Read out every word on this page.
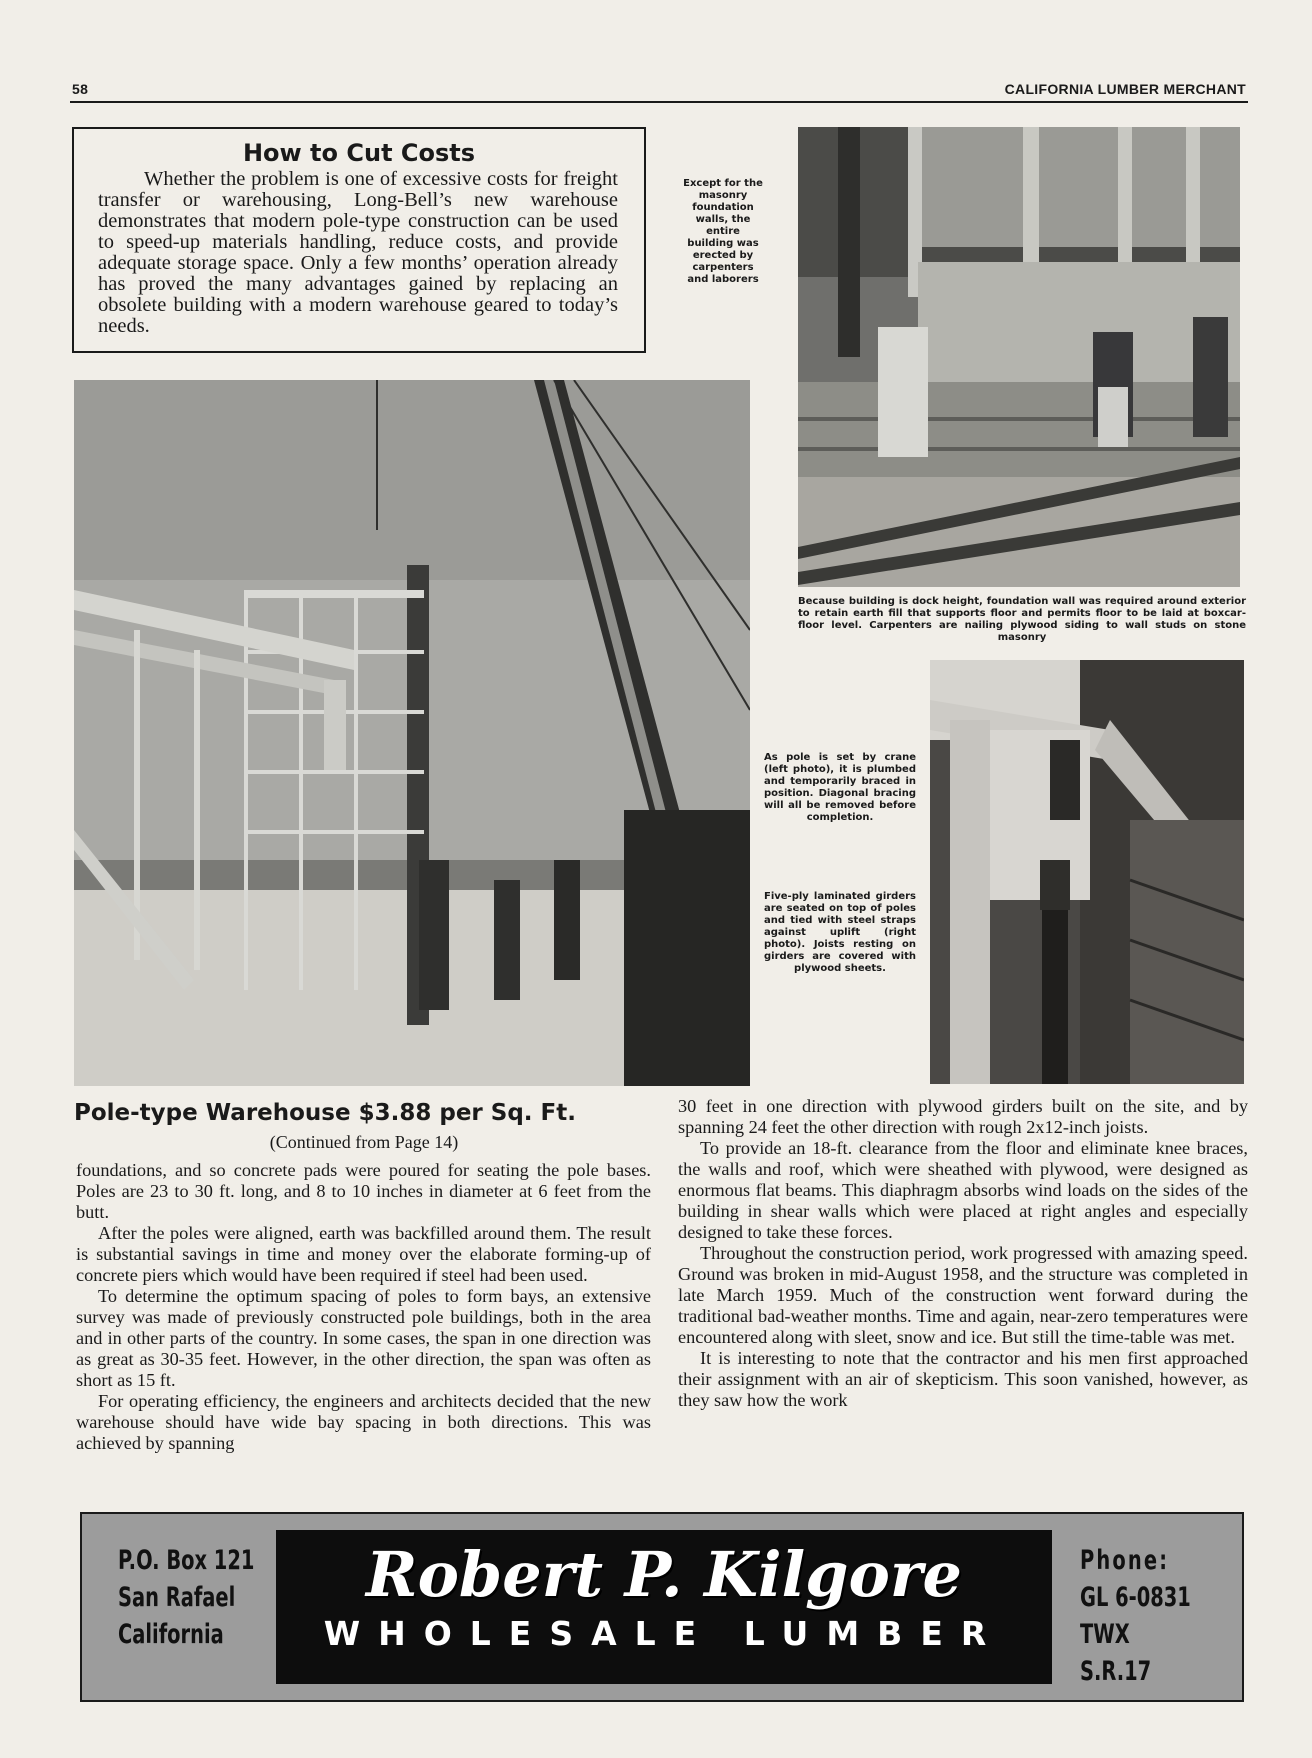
58	CALIFORNIA LUMBER MERCHANT
How to Cut Costs

Whether the problem is one of excessive costs for freight transfer or warehousing, Long-Bell’s new warehouse demonstrates that modern pole-type construction can be used to speed-up materials handling, reduce costs, and provide adequate storage space. Only a few months’ operation already has proved the many advantages gained by replacing an obsolete building with a modern warehouse geared to today’s needs.

Except for the masonry foundation walls, the entire building was erected by carpenters and laborers
Because building is dock height, foundation wall was required around exterior to retain earth fill that supports floor and permits floor to be laid at boxcar-floor level. Carpenters are nailing plywood siding to wall studs on stone masonry
As pole is set by crane (left photo), it is plumbed and temporarily braced in position. Diagonal bracing will all be removed before completion.
Five-ply laminated girders are seated on top of poles and tied with steel straps against uplift (right photo). Joists resting on girders are covered with plywood sheets.
Pole-type Warehouse $3.88 per Sq. Ft.
(Continued from Page 14)

foundations, and so concrete pads were poured for seating the pole bases. Poles are 23 to 30 ft. long, and 8 to 10 inches in diameter at 6 feet from the butt.

After the poles were aligned, earth was backfilled around them. The result is substantial savings in time and money over the elaborate forming-up of concrete piers which would have been required if steel had been used.

To determine the optimum spacing of poles to form bays, an extensive survey was made of previously constructed pole buildings, both in the area and in other parts of the country. In some cases, the span in one direction was as great as 30-35 feet. However, in the other direction, the span was often as short as 15 ft.

For operating efficiency, the engineers and architects decided that the new warehouse should have wide bay spacing in both directions. This was achieved by spanning

30 feet in one direction with plywood girders built on the site, and by spanning 24 feet the other direction with rough 2x12-inch joists.

To provide an 18-ft. clearance from the floor and eliminate knee braces, the walls and roof, which were sheathed with plywood, were designed as enormous flat beams. This diaphragm absorbs wind loads on the sides of the building in shear walls which were placed at right angles and especially designed to take these forces.

Throughout the construction period, work progressed with amazing speed. Ground was broken in mid-August 1958, and the structure was completed in late March 1959. Much of the construction went forward during the traditional bad-weather months. Time and again, near-zero temperatures were encountered along with sleet, snow and ice. But still the time-table was met.

It is interesting to note that the contractor and his men first approached their assignment with an air of skepticism. This soon vanished, however, as they saw how the work

P.O. Box 121
San Rafael
California
Robert P. Kilgore
WHOLESALE LUMBER
Phone:
GL 6-0831
TWX S.R.17
